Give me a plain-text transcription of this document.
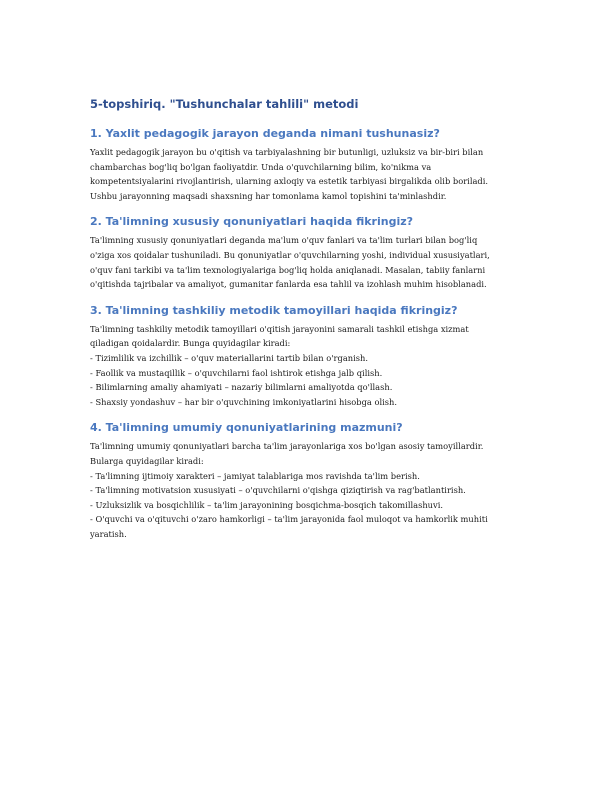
5-topshiriq. "Tushunchalar tahlili" metodi
1. Yaxlit pedagogik jarayon deganda nimani tushunasiz?

Yaxlit pedagogik jarayon bu o'qitish va tarbiyalashning bir butunligi, uzluksiz va bir-biri bilan
chambarchas bog'liq bo'lgan faoliyatdir. Unda o'quvchilarning bilim, ko'nikma va
kompetentsiyalarini rivojlantirish, ularning axloqiy va estetik tarbiyasi birgalikda olib boriladi.
Ushbu jarayonning maqsadi shaxsning har tomonlama kamol topishini ta'minlashdir.

2. Ta'limning xususiy qonuniyatlari haqida fikringiz?

Ta'limning xususiy qonuniyatlari deganda ma'lum o'quv fanlari va ta'lim turlari bilan bog'liq
o'ziga xos qoidalar tushuniladi. Bu qonuniyatlar o'quvchilarning yoshi, individual xususiyatlari,
o'quv fani tarkibi va ta'lim texnologiyalariga bog'liq holda aniqlanadi. Masalan, tabiiy fanlarni
o'qitishda tajribalar va amaliyot, gumanitar fanlarda esa tahlil va izohlash muhim hisoblanadi.

3. Ta'limning tashkiliy metodik tamoyillari haqida fikringiz?

Ta'limning tashkiliy metodik tamoyillari o'qitish jarayonini samarali tashkil etishga xizmat
qiladigan qoidalardir. Bunga quyidagilar kiradi:
- Tizimlilik va izchillik – o'quv materiallarini tartib bilan o'rganish.
- Faollik va mustaqillik – o'quvchilarni faol ishtirok etishga jalb qilish.
- Bilimlarning amaliy ahamiyati – nazariy bilimlarni amaliyotda qo'llash.
- Shaxsiy yondashuv – har bir o'quvchining imkoniyatlarini hisobga olish.

4. Ta'limning umumiy qonuniyatlarining mazmuni?

Ta'limning umumiy qonuniyatlari barcha ta'lim jarayonlariga xos bo'lgan asosiy tamoyillardir.
Bularga quyidagilar kiradi:
- Ta'limning ijtimoiy xarakteri – jamiyat talablariga mos ravishda ta'lim berish.
- Ta'limning motivatsion xususiyati – o'quvchilarni o'qishga qiziqtirish va rag'batlantirish.
- Uzluksizlik va bosqichlilik – ta'lim jarayonining bosqichma-bosqich takomillashuvi.
- O'quvchi va o'qituvchi o'zaro hamkorligi – ta'lim jarayonida faol muloqot va hamkorlik muhiti
yaratish.
